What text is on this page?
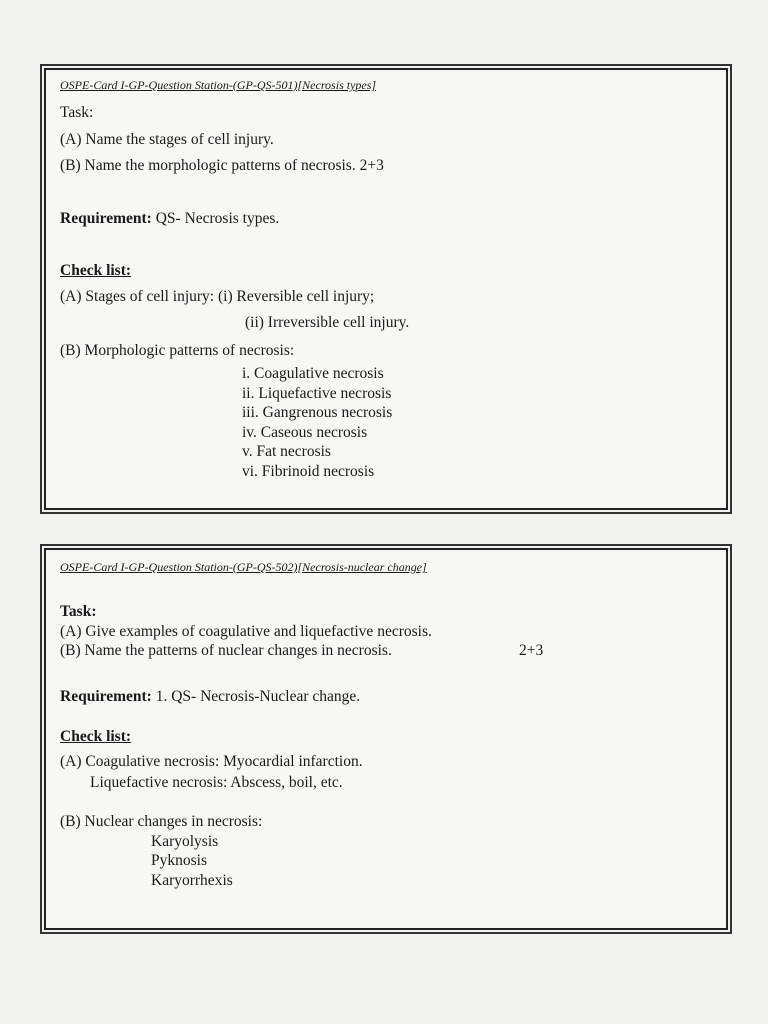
OSPE-Card I-GP-Question Station-(GP-QS-501)[Necrosis types]
Task:
(A) Name the stages of cell injury.
(B) Name the morphologic patterns of necrosis. 2+3
Requirement: QS- Necrosis types.
Check list:
(A) Stages of cell injury: (i) Reversible cell injury;
(ii) Irreversible cell injury.
(B) Morphologic patterns of necrosis:
i. Coagulative necrosis
ii. Liquefactive necrosis
iii. Gangrenous necrosis
iv. Caseous necrosis
v. Fat necrosis
vi. Fibrinoid necrosis
OSPE-Card I-GP-Question Station-(GP-QS-502)[Necrosis-nuclear change]
Task:
(A) Give examples of coagulative and liquefactive necrosis.
(B) Name the patterns of nuclear changes in necrosis.	2+3
Requirement: 1. QS- Necrosis-Nuclear change.
Check list:
(A) Coagulative necrosis: Myocardial infarction.
Liquefactive necrosis: Abscess, boil, etc.
(B) Nuclear changes in necrosis:
Karyolysis
Pyknosis
Karyorrhexis
